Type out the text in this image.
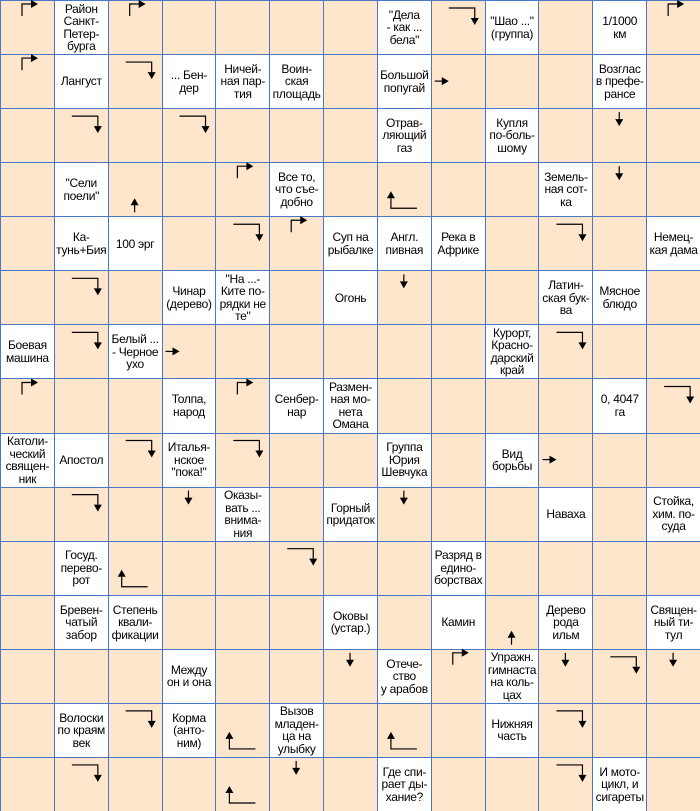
Район
Санкт-
Петер-
бурга
"Дела
- как ...
бела"
"Шао ..."
(группа)
1/1000
км
Лангуст	... Бен-
дер
Ничей-
ная пар-
тия
Воин-
ская
площадь
Большой
попугай
Возглас
в префе-
рансе
Отрав-
ляющий
газ
Купля
по-боль-
шому
"Сели
поели"
Все то,
что съе-
добно
Земель-
ная сот-
ка
Ка-
тунь+Бия 100 эрг	Суп на
рыбалке
Англ.
пивная
Река в
Африке
Немец-
кая дама
Чинар
(дерево)
"На ...-
Ките по-
рядки не
те"
Огонь
Латин-
ская бук-
ва
Мясное
блюдо
Боевая
машина
Белый ...
- Черное
ухо
Курорт,
Красно-
дарский
край
Толпа,
народ
Сенбер-
нар
Размен-
ная мо-
нета
Омана
0, 4047
га
Католи-
ческий
священ-
ник
Апостол
Италья-
нское
"пока!"
Группа
Юрия
Шевчука
Вид
борьбы
Оказы-
вать ...
внима-
ния
Горный
придаток	Наваха
Стойка,
хим. по-
суда
Госуд.
перево-
рот
Разряд в
едино-
борствах
Бревен-
чатый
забор
Степень
квали-
фикации
Оковы
(устар.)	Камин
Дерево
рода
ильм
Священ-
ный ти-
тул
Между
он и она
Отече-
ство
у арабов
Упражн.
гимнаста
на коль-
цах
Волоски
по краям
век
Корма
(анто-
ним)
Вызов
младен-
ца на
улыбку
Нижняя
часть
Где спи-
рает ды-
хание?
И мото-
цикл, и
сигареты
